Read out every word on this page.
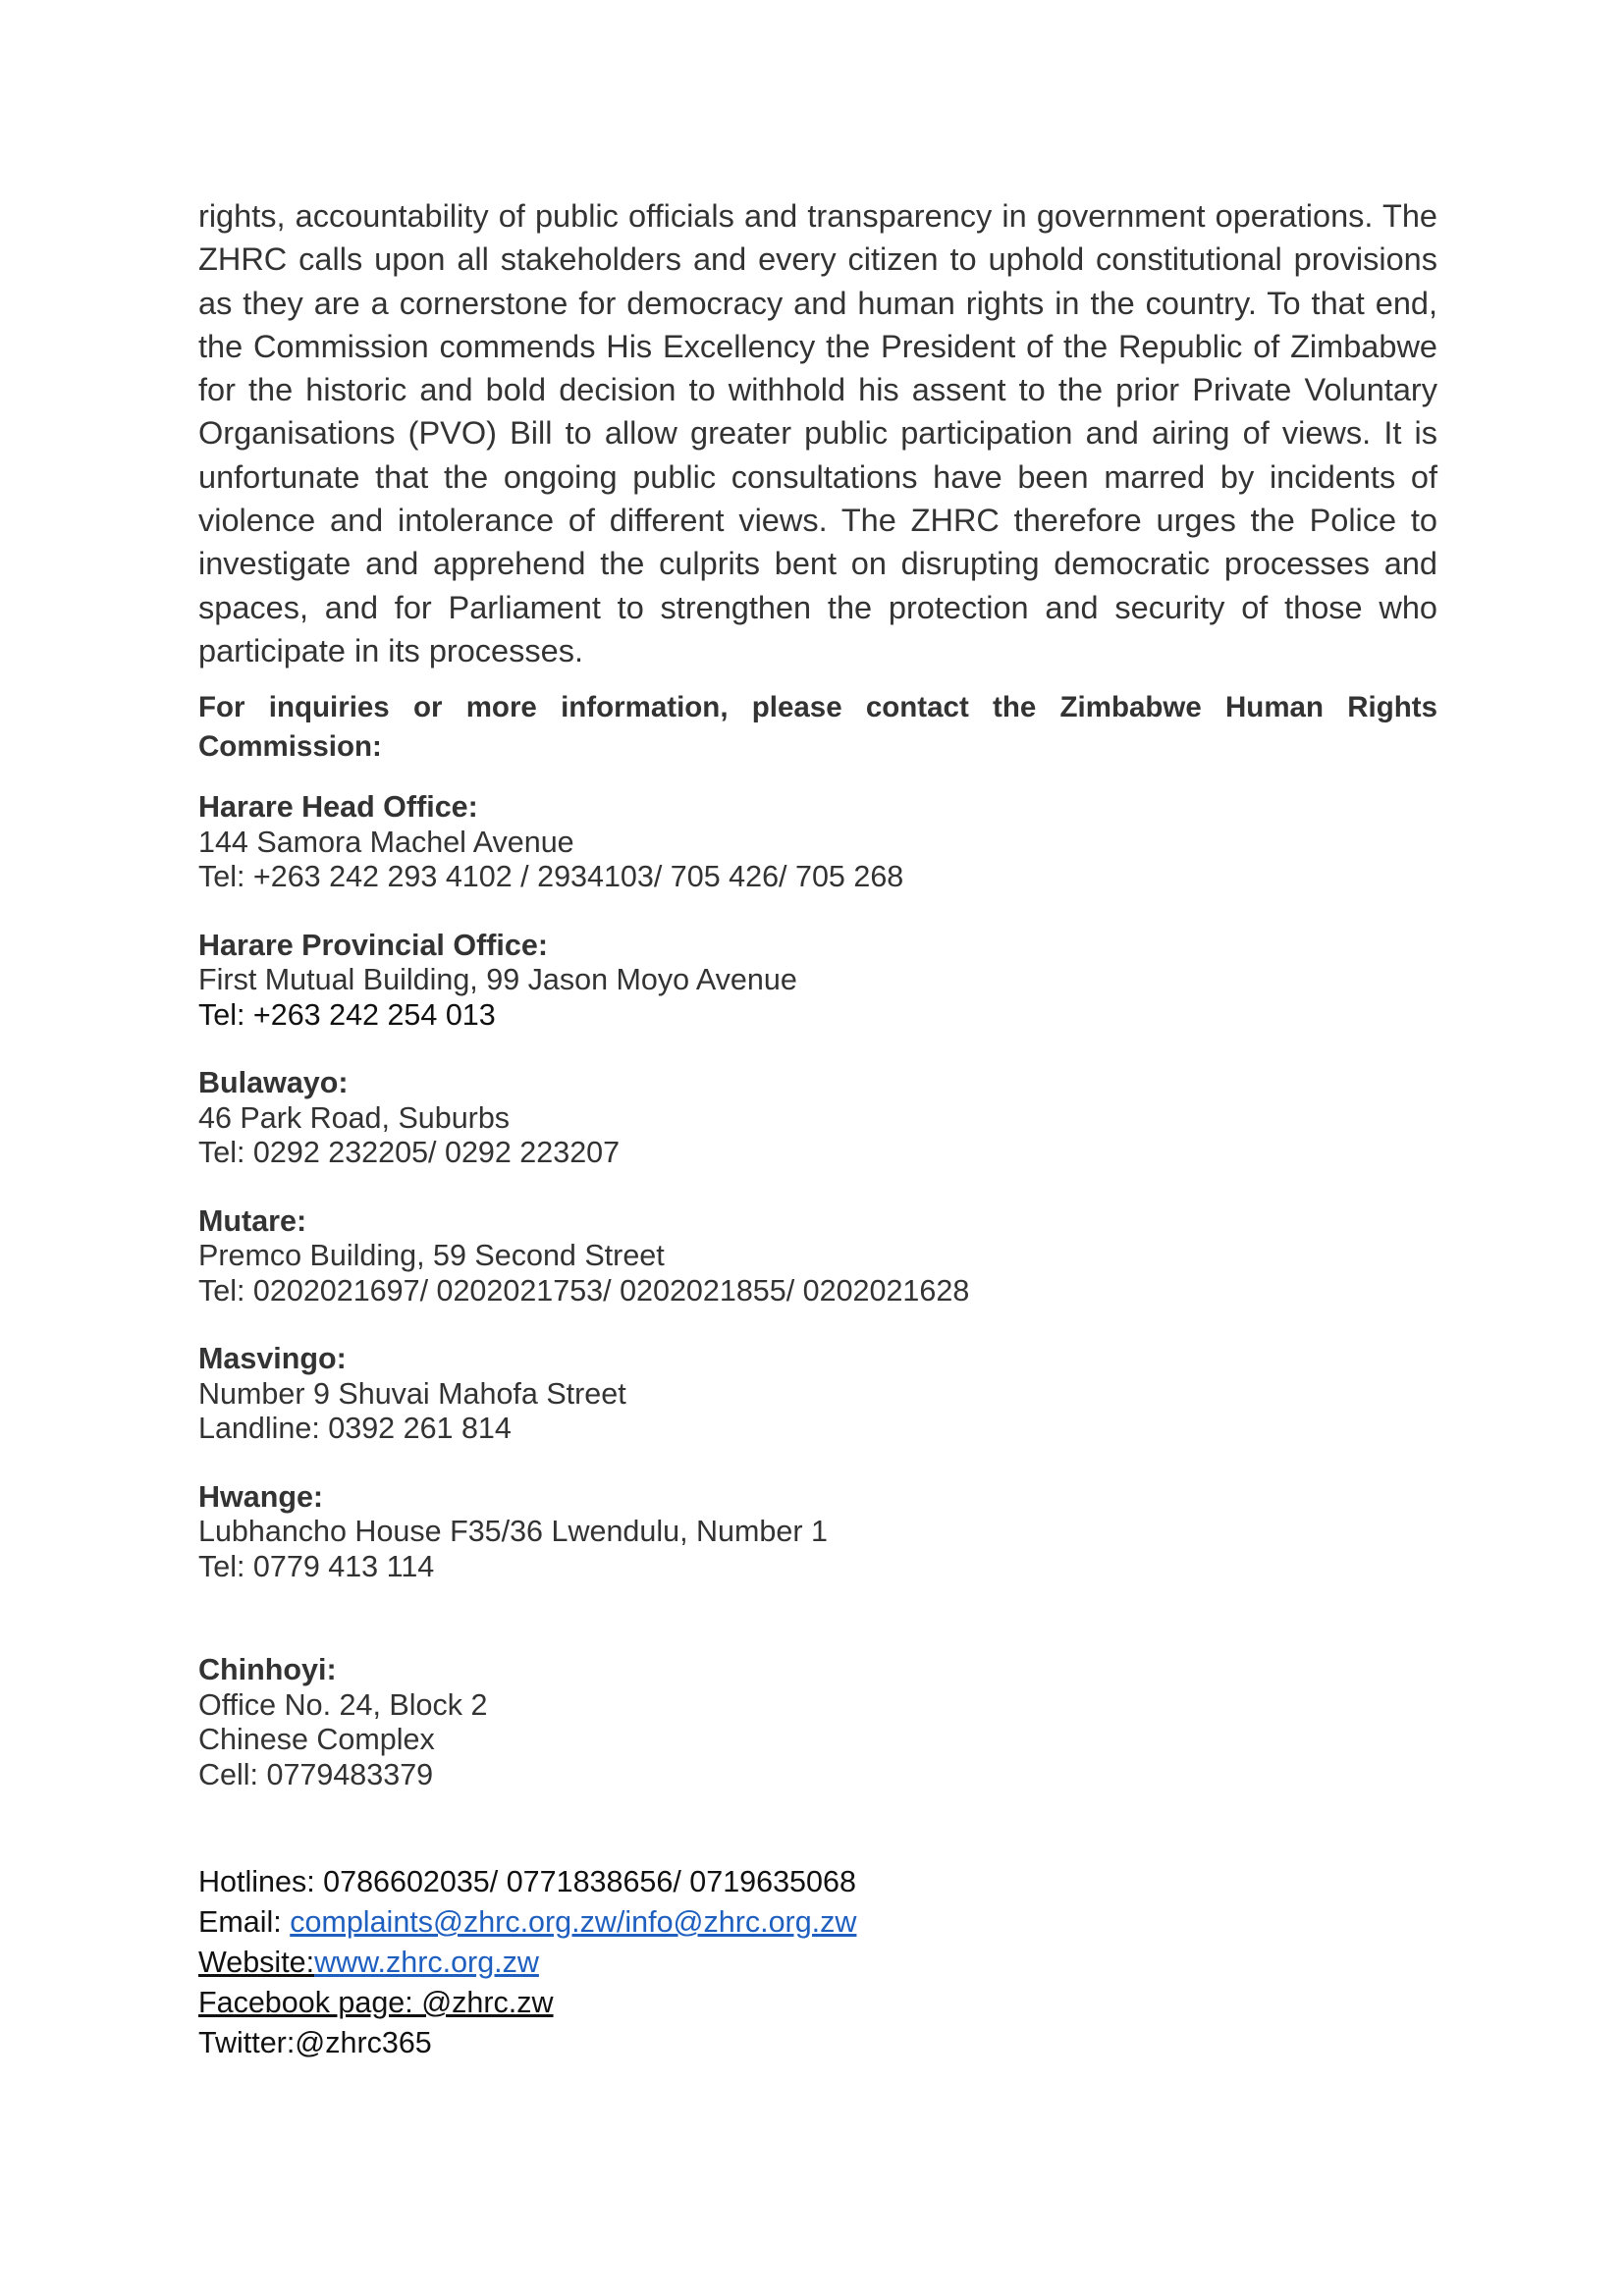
rights, accountability of public officials and transparency in government operations. The ZHRC calls upon all stakeholders and every citizen to uphold constitutional provisions as they are a cornerstone for democracy and human rights in the country. To that end, the Commission commends His Excellency the President of the Republic of Zimbabwe for the historic and bold decision to withhold his assent to the prior Private Voluntary Organisations (PVO) Bill to allow greater public participation and airing of views. It is unfortunate that the ongoing public consultations have been marred by incidents of violence and intolerance of different views. The ZHRC therefore urges the Police to investigate and apprehend the culprits bent on disrupting democratic processes and spaces, and for Parliament to strengthen the protection and security of those who participate in its processes.

For inquiries or more information, please contact the Zimbabwe Human Rights Commission:

Harare Head Office:
144 Samora Machel Avenue
Tel: +263 242 293 4102 / 2934103/ 705 426/ 705 268
Harare Provincial Office:
First Mutual Building, 99 Jason Moyo Avenue
Tel: +263 242 254 013
Bulawayo:
46 Park Road, Suburbs
Tel: 0292 232205/ 0292 223207
Mutare:
Premco Building, 59 Second Street
Tel: 0202021697/ 0202021753/ 0202021855/ 0202021628
Masvingo:
Number 9 Shuvai Mahofa Street
Landline: 0392 261 814
Hwange:
Lubhancho House F35/36 Lwendulu, Number 1
Tel: 0779 413 114
Chinhoyi:
Office No. 24, Block 2
Chinese Complex
Cell: 0779483379
Hotlines: 0786602035/ 0771838656/ 0719635068
Email: complaints@zhrc.org.zw/info@zhrc.org.zw
Website:www.zhrc.org.zw
Facebook page: @zhrc.zw
Twitter:@zhrc365
